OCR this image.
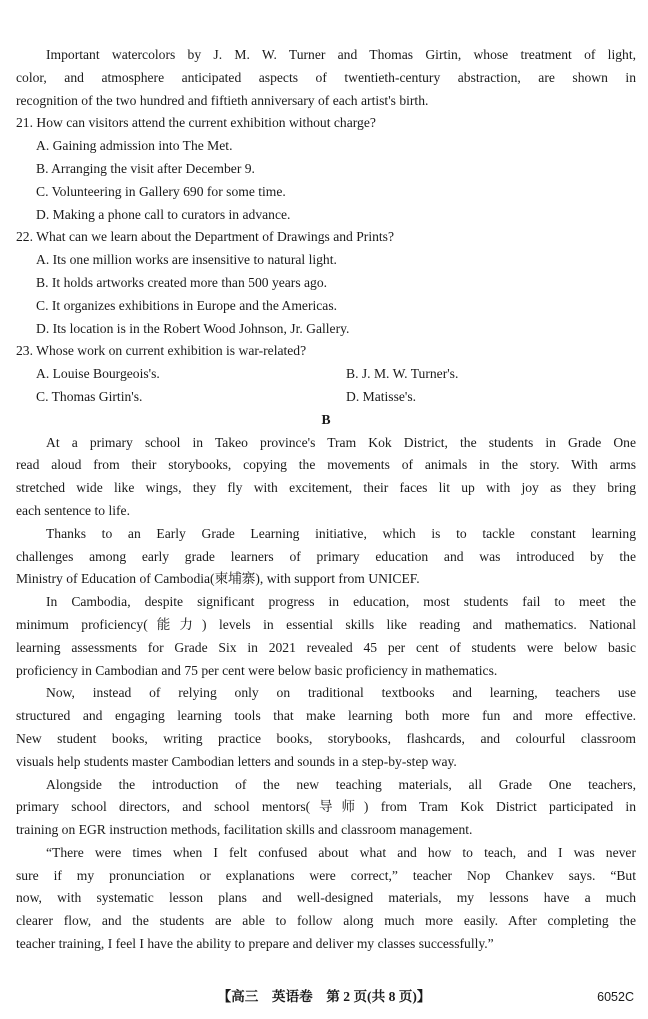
Important watercolors by J. M. W. Turner and Thomas Girtin, whose treatment of light,
color, and atmosphere anticipated aspects of twentieth-century abstraction, are shown in
recognition of the two hundred and fiftieth anniversary of each artist's birth.
21. How can visitors attend the current exhibition without charge?
A. Gaining admission into The Met.
B. Arranging the visit after December 9.
C. Volunteering in Gallery 690 for some time.
D. Making a phone call to curators in advance.
22. What can we learn about the Department of Drawings and Prints?
A. Its one million works are insensitive to natural light.
B. It holds artworks created more than 500 years ago.
C. It organizes exhibitions in Europe and the Americas.
D. Its location is in the Robert Wood Johnson, Jr. Gallery.
23. Whose work on current exhibition is war-related?
A. Louise Bourgeois's.	B. J. M. W. Turner's.
C. Thomas Girtin's.	D. Matisse's.
B
At a primary school in Takeo province's Tram Kok District, the students in Grade One
read aloud from their storybooks, copying the movements of animals in the story. With arms
stretched wide like wings, they fly with excitement, their faces lit up with joy as they bring
each sentence to life.
Thanks to an Early Grade Learning initiative, which is to tackle constant learning
challenges among early grade learners of primary education and was introduced by the
Ministry of Education of Cambodia(柬埔寨), with support from UNICEF.
In Cambodia, despite significant progress in education, most students fail to meet the
minimum proficiency(能力) levels in essential skills like reading and mathematics. National
learning assessments for Grade Six in 2021 revealed 45 per cent of students were below basic
proficiency in Cambodian and 75 per cent were below basic proficiency in mathematics.
Now, instead of relying only on traditional textbooks and learning, teachers use
structured and engaging learning tools that make learning both more fun and more effective.
New student books, writing practice books, storybooks, flashcards, and colourful classroom
visuals help students master Cambodian letters and sounds in a step-by-step way.
Alongside the introduction of the new teaching materials, all Grade One teachers,
primary school directors, and school mentors(导师) from Tram Kok District participated in
training on EGR instruction methods, facilitation skills and classroom management.
“There were times when I felt confused about what and how to teach, and I was never
sure if my pronunciation or explanations were correct,” teacher Nop Chankev says. “But
now, with systematic lesson plans and well-designed materials, my lessons have a much
clearer flow, and the students are able to follow along much more easily. After completing the
teacher training, I feel I have the ability to prepare and deliver my classes successfully.”
【高三　英语卷　第 2 页(共 8 页)】	6052C
